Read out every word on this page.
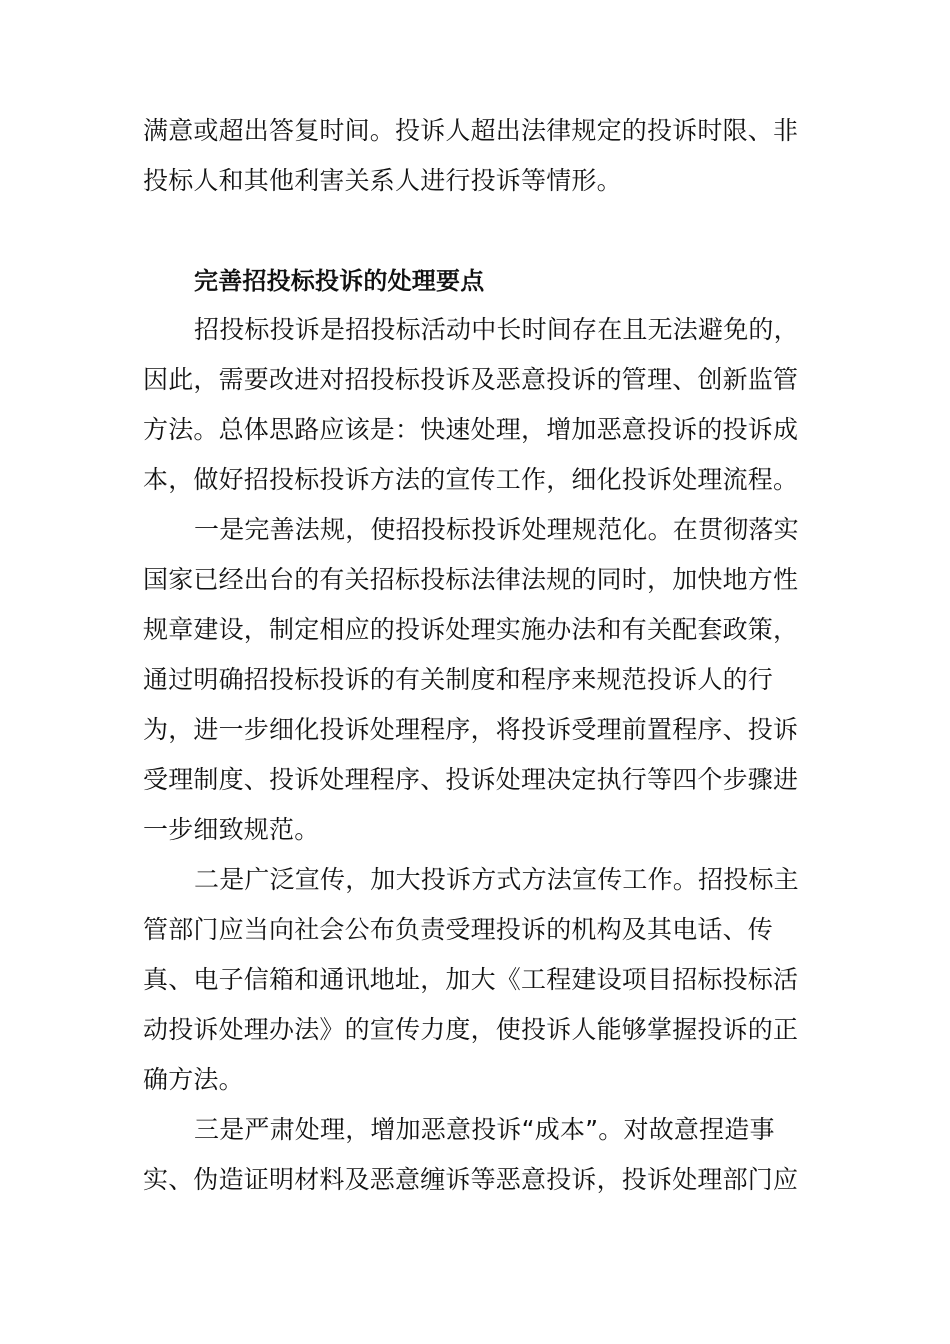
满意或超出答复时间。投诉人超出法律规定的投诉时限、非
投标人和其他利害关系人进行投诉等情形。
完善招投标投诉的处理要点
招投标投诉是招投标活动中长时间存在且无法避免的，
因此，需要改进对招投标投诉及恶意投诉的管理、创新监管
方法。总体思路应该是：快速处理，增加恶意投诉的投诉成
本，做好招投标投诉方法的宣传工作，细化投诉处理流程。
一是完善法规，使招投标投诉处理规范化。在贯彻落实
国家已经出台的有关招标投标法律法规的同时，加快地方性
规章建设，制定相应的投诉处理实施办法和有关配套政策，
通过明确招投标投诉的有关制度和程序来规范投诉人的行
为，进一步细化投诉处理程序，将投诉受理前置程序、投诉
受理制度、投诉处理程序、投诉处理决定执行等四个步骤进
一步细致规范。
二是广泛宣传，加大投诉方式方法宣传工作。招投标主
管部门应当向社会公布负责受理投诉的机构及其电话、传
真、电子信箱和通讯地址，加大《工程建设项目招标投标活
动投诉处理办法》的宣传力度，使投诉人能够掌握投诉的正
确方法。
三是严肃处理，增加恶意投诉“成本”。对故意捏造事
实、伪造证明材料及恶意缠诉等恶意投诉，投诉处理部门应
